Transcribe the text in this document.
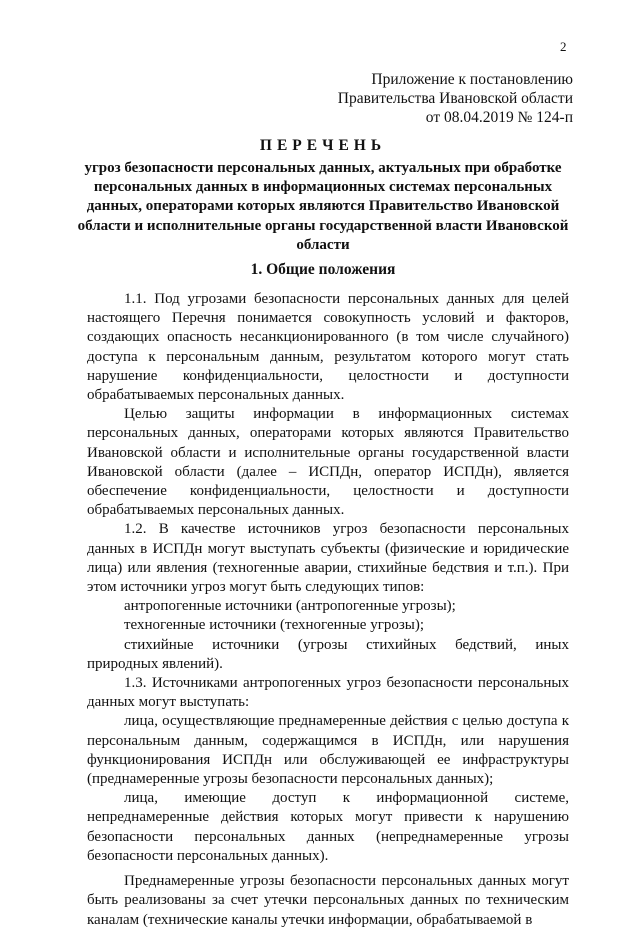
2
Приложение к постановлению
Правительства Ивановской области
от 08.04.2019 № 124-п
ПЕРЕЧЕНЬ
угроз безопасности персональных данных, актуальных при обработке персональных данных в информационных системах персональных данных, операторами которых являются Правительство Ивановской области и исполнительные органы государственной власти Ивановской области
1. Общие положения

1.1. Под угрозами безопасности персональных данных для целей настоящего Перечня понимается совокупность условий и факторов, создающих опасность несанкционированного (в том числе случайного) доступа к персональным данным, результатом которого могут стать нарушение конфиденциальности, целостности и доступности обрабатываемых персональных данных.

Целью защиты информации в информационных системах персональных данных, операторами которых являются Правительство Ивановской области и исполнительные органы государственной власти Ивановской области (далее – ИСПДн, оператор ИСПДн), является обеспечение конфиденциальности, целостности и доступности обрабатываемых персональных данных.

1.2. В качестве источников угроз безопасности персональных данных в ИСПДн могут выступать субъекты (физические и юридические лица) или явления (техногенные аварии, стихийные бедствия и т.п.). При этом источники угроз могут быть следующих типов:

антропогенные источники (антропогенные угрозы);

техногенные источники (техногенные угрозы);

стихийные источники (угрозы стихийных бедствий, иных природных явлений).

1.3. Источниками антропогенных угроз безопасности персональных данных могут выступать:

лица, осуществляющие преднамеренные действия с целью доступа к персональным данным, содержащимся в ИСПДн, или нарушения функционирования ИСПДн или обслуживающей ее инфраструктуры (преднамеренные угрозы безопасности персональных данных);

лица, имеющие доступ к информационной системе, непреднамеренные действия которых могут привести к нарушению безопасности персональных данных (непреднамеренные угрозы безопасности персональных данных).

Преднамеренные угрозы безопасности персональных данных могут быть реализованы за счет утечки персональных данных по техническим каналам (технические каналы утечки информации, обрабатываемой в
